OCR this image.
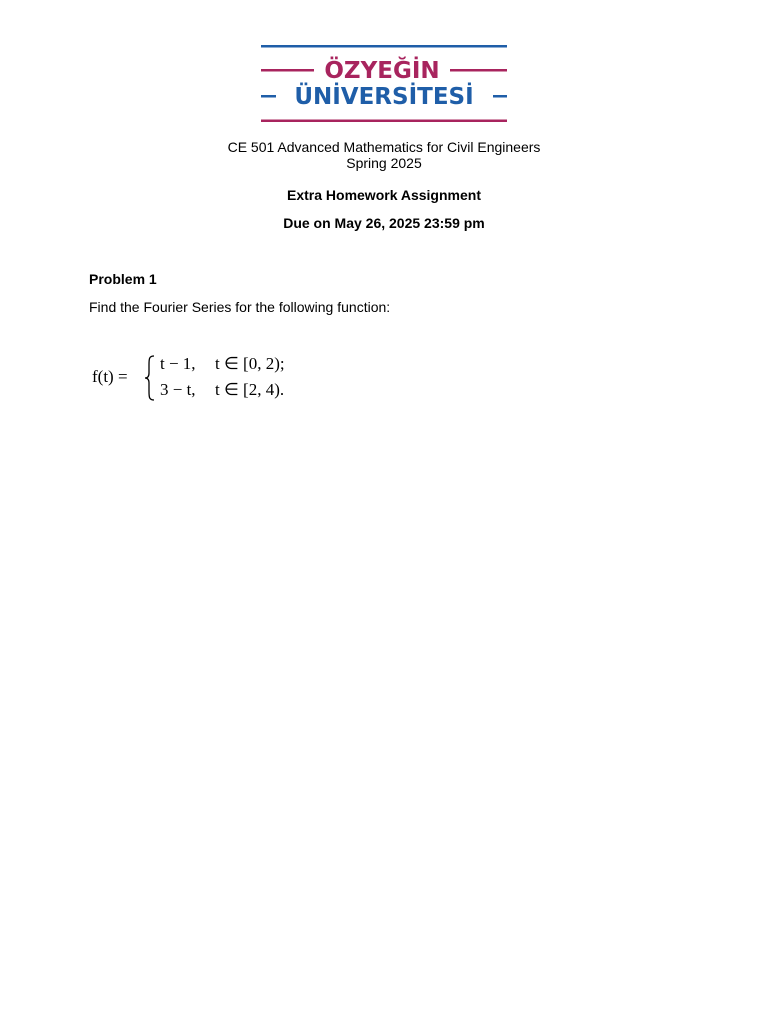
ÖZYEĞİN
ÜNİVERSİTESİ
CE 501 Advanced Mathematics for Civil Engineers
Spring 2025
Extra Homework Assignment
Due on May 26, 2025 23:59 pm
Problem 1
Find the Fourier Series for the following function:
f(t) =
t − 1, t ∈ [0, 2);
3 − t, t ∈ [2, 4).
